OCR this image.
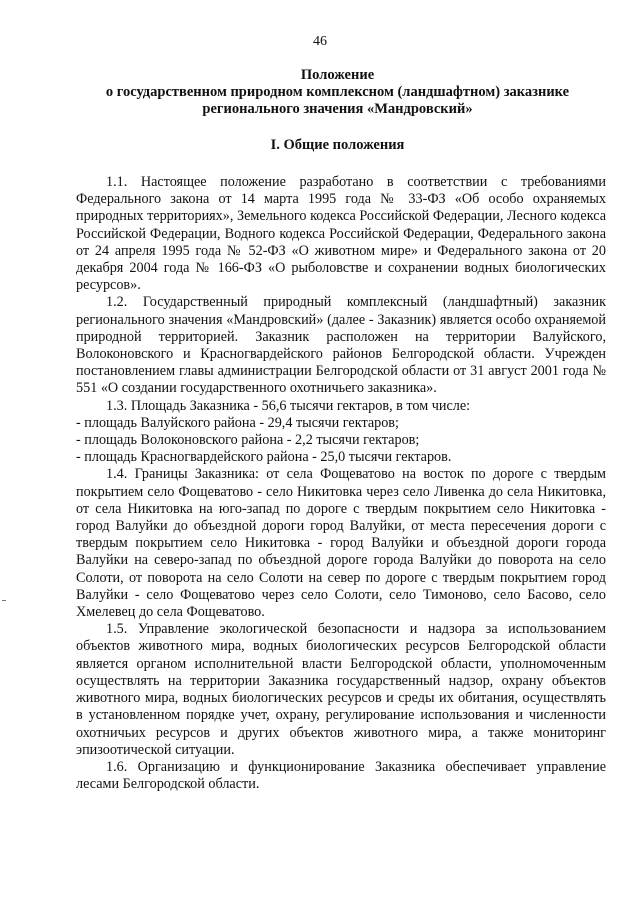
46
Положение
о государственном природном комплексном (ландшафтном) заказнике
регионального значения «Мандровский»
I. Общие положения

1.1. Настоящее положение разработано в соответствии с требованиями Федерального закона от 14 марта 1995 года № 33-ФЗ «Об особо охраняемых природных территориях», Земельного кодекса Российской Федерации, Лесного кодекса Российской Федерации, Водного кодекса Российской Федерации, Федерального закона от 24 апреля 1995 года № 52-ФЗ «О животном мире» и Федерального закона от 20 декабря 2004 года № 166-ФЗ «О рыболовстве и сохранении водных биологических ресурсов».

1.2. Государственный природный комплексный (ландшафтный) заказник регионального значения «Мандровский» (далее - Заказник) является особо охраняемой природной территорией. Заказник расположен на территории Валуйского, Волоконовского и Красногвардейского районов Белгородской области. Учрежден постановлением главы администрации Белгородской области от 31 август 2001 года № 551 «О создании государственного охотничьего заказника».

1.3. Площадь Заказника - 56,6 тысячи гектаров, в том числе:

- площадь Валуйского района - 29,4 тысячи гектаров;

- площадь Волоконовского района - 2,2 тысячи гектаров;

- площадь Красногвардейского района - 25,0 тысячи гектаров.

1.4. Границы Заказника: от села Фощеватово на восток по дороге с твердым покрытием село Фощеватово - село Никитовка через село Ливенка до села Никитовка, от села Никитовка на юго-запад по дороге с твердым покрытием село Никитовка - город Валуйки до объездной дороги город Валуйки, от места пересечения дороги с твердым покрытием село Никитовка - город Валуйки и объездной дороги города Валуйки на северо-запад по объездной дороге города Валуйки до поворота на село Солоти, от поворота на село Солоти на север по дороге с твердым покрытием город Валуйки - село Фощеватово через село Солоти, село Тимоново, село Басово, село Хмелевец до села Фощеватово.

1.5. Управление экологической безопасности и надзора за использованием объектов животного мира, водных биологических ресурсов Белгородской области является органом исполнительной власти Белгородской области, уполномоченным осуществлять на территории Заказника государственный надзор, охрану объектов животного мира, водных биологических ресурсов и среды их обитания, осуществлять в установленном порядке учет, охрану, регулирование использования и численности охотничьих ресурсов и других объектов животного мира, а также мониторинг эпизоотической ситуации.

1.6. Организацию и функционирование Заказника обеспечивает управление лесами Белгородской области.
